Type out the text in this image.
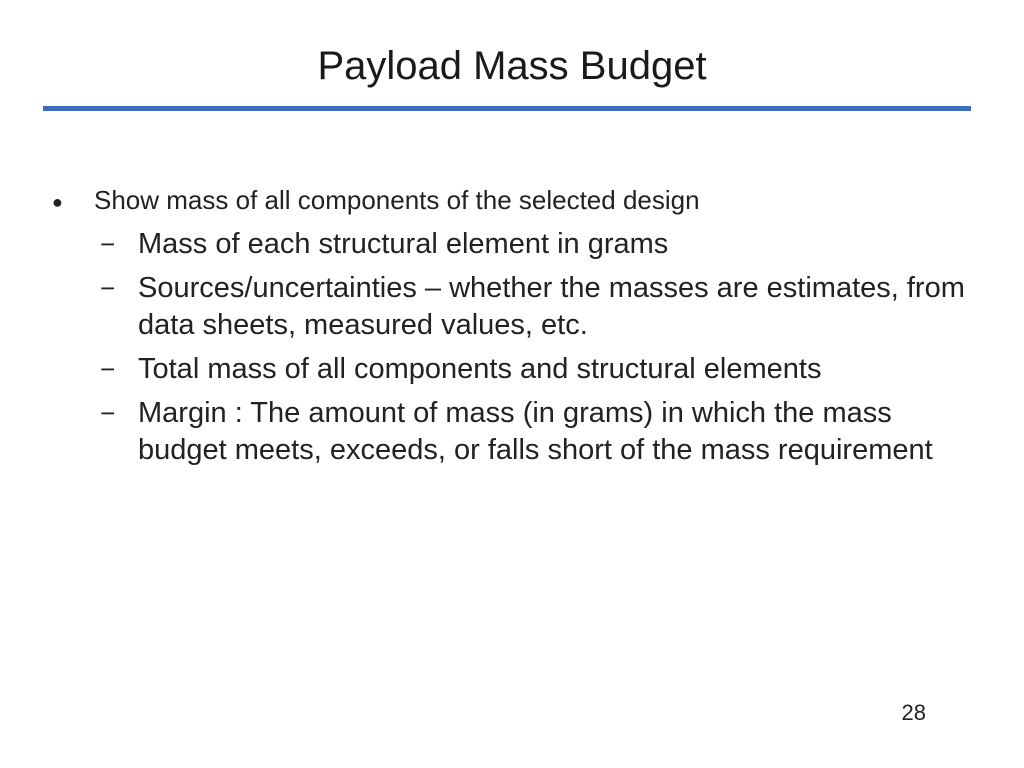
Payload Mass Budget
●	Show mass of all components of the selected design
− Mass of each structural element in grams
− Sources/uncertainties – whether the masses are estimates, from data sheets, measured values, etc.
− Total mass of all components and structural elements
− Margin : The amount of mass (in grams) in which the mass budget meets, exceeds, or falls short of the mass requirement
28
